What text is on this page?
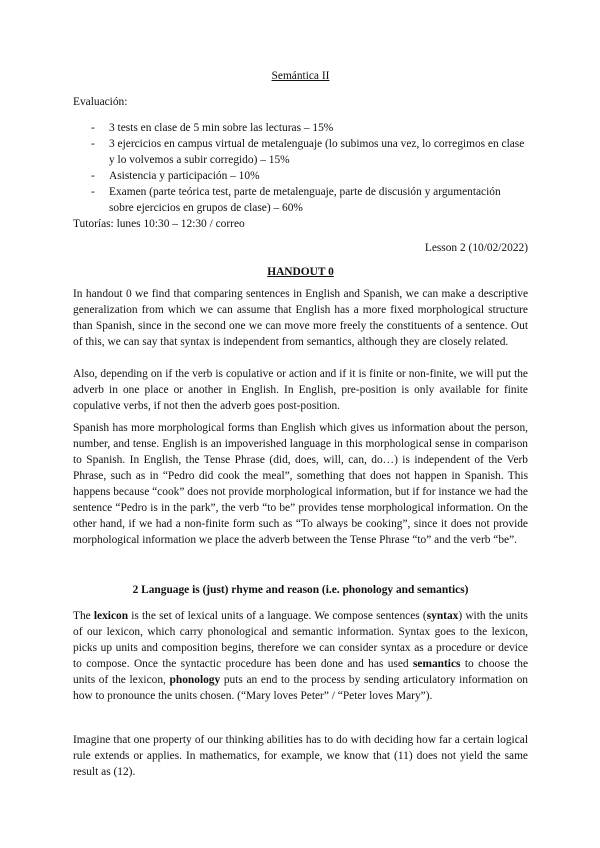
Semántica II
Evaluación:
- 3 tests en clase de 5 min sobre las lecturas – 15%
- 3 ejercicios en campus virtual de metalenguaje (lo subimos una vez, lo corregimos en clase y lo volvemos a subir corregido) – 15%
- Asistencia y participación – 10%
- Examen (parte teórica test, parte de metalenguaje, parte de discusión y argumentación sobre ejercicios en grupos de clase) – 60%
Tutorías: lunes 10:30 – 12:30 / correo
Lesson 2 (10/02/2022)
HANDOUT 0

In handout 0 we find that comparing sentences in English and Spanish, we can make a descriptive generalization from which we can assume that English has a more fixed morphological structure than Spanish, since in the second one we can move more freely the constituents of a sentence. Out of this, we can say that syntax is independent from semantics, although they are closely related.

Also, depending on if the verb is copulative or action and if it is finite or non-finite, we will put the adverb in one place or another in English. In English, pre-position is only available for finite copulative verbs, if not then the adverb goes post-position.

Spanish has more morphological forms than English which gives us information about the person, number, and tense. English is an impoverished language in this morphological sense in comparison to Spanish. In English, the Tense Phrase (did, does, will, can, do…) is independent of the Verb Phrase, such as in “Pedro did cook the meal”, something that does not happen in Spanish. This happens because “cook” does not provide morphological information, but if for instance we had the sentence “Pedro is in the park”, the verb “to be” provides tense morphological information. On the other hand, if we had a non-finite form such as “To always be cooking”, since it does not provide morphological information we place the adverb between the Tense Phrase “to” and the verb “be”.

2 Language is (just) rhyme and reason (i.e. phonology and semantics)

The lexicon is the set of lexical units of a language. We compose sentences (syntax) with the units of our lexicon, which carry phonological and semantic information. Syntax goes to the lexicon, picks up units and composition begins, therefore we can consider syntax as a procedure or device to compose. Once the syntactic procedure has been done and has used semantics to choose the units of the lexicon, phonology puts an end to the process by sending articulatory information on how to pronounce the units chosen. (“Mary loves Peter” / “Peter loves Mary”).

Imagine that one property of our thinking abilities has to do with deciding how far a certain logical rule extends or applies. In mathematics, for example, we know that (11) does not yield the same result as (12).
